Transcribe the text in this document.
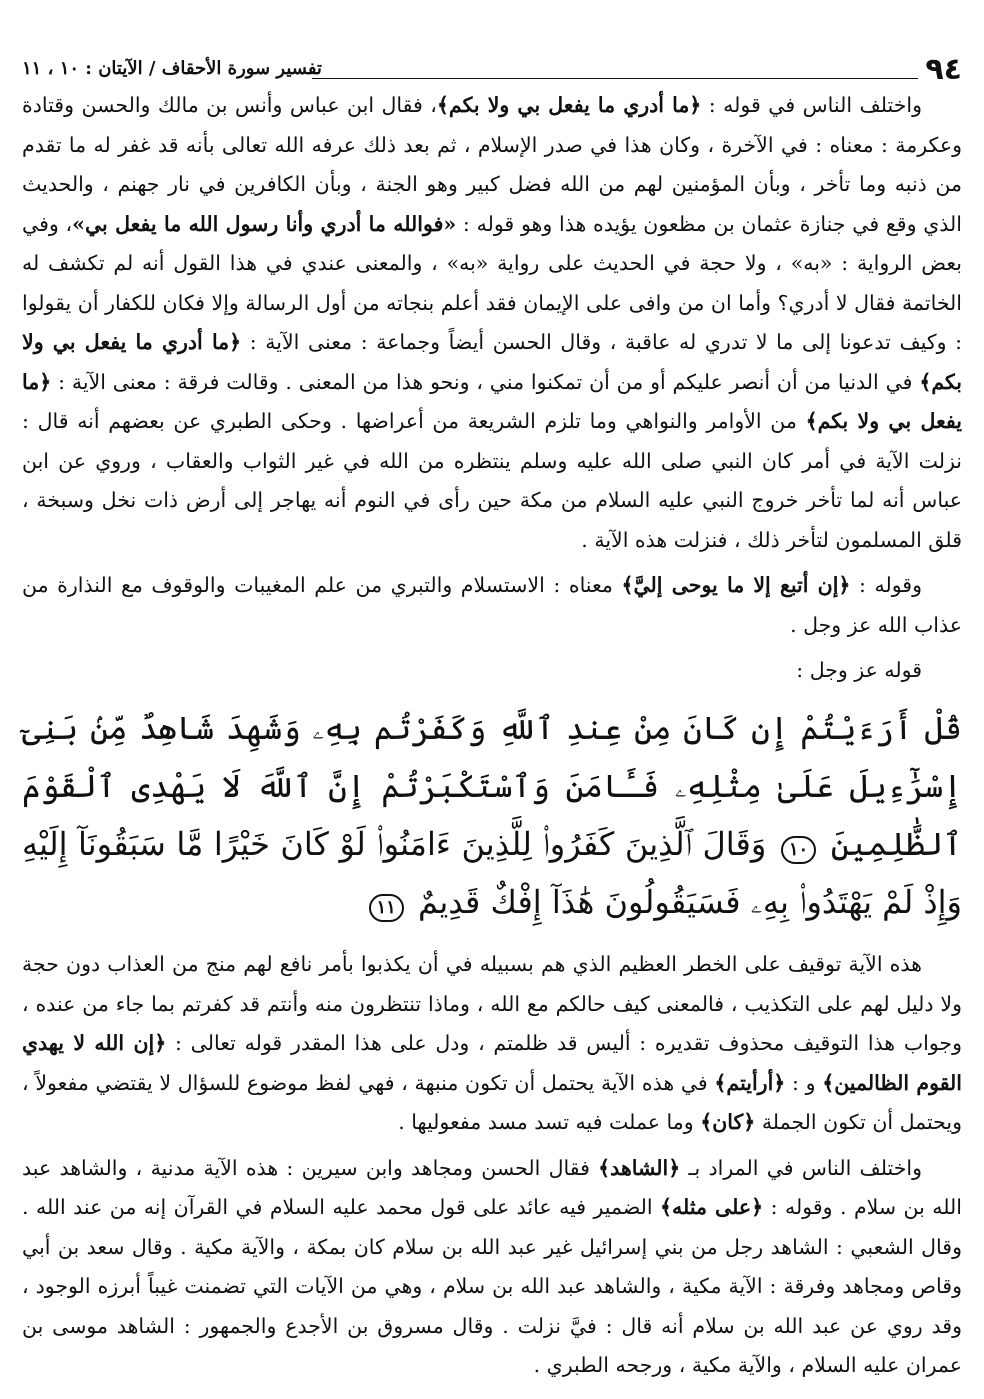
٩٤
تفسير سورة الأحقاف / الآيتان : ١٠ ، ١١

واختلف الناس في قوله : ﴿ما أدري ما يفعل بي ولا بكم﴾، فقال ابن عباس وأنس بن مالك والحسن وقتادة وعكرمة : معناه : في الآخرة ، وكان هذا في صدر الإسلام ، ثم بعد ذلك عرفه الله تعالى بأنه قد غفر له ما تقدم من ذنبه وما تأخر ، وبأن المؤمنين لهم من الله فضل كبير وهو الجنة ، وبأن الكافرين في نار جهنم ، والحديث الذي وقع في جنازة عثمان بن مظعون يؤيده هذا وهو قوله : «فوالله ما أدري وأنا رسول الله ما يفعل بي»، وفي بعض الرواية : «به» ، ولا حجة في الحديث على رواية «به» ، والمعنى عندي في هذا القول أنه لم تكشف له الخاتمة فقال لا أدري؟ وأما ان من وافى على الإيمان فقد أعلم بنجاته من أول الرسالة وإلا فكان للكفار أن يقولوا : وكيف تدعونا إلى ما لا تدري له عاقبة ، وقال الحسن أيضاً وجماعة : معنى الآية : ﴿ما أدري ما يفعل بي ولا بكم﴾ في الدنيا من أن أنصر عليكم أو من أن تمكنوا مني ، ونحو هذا من المعنى . وقالت فرقة : معنى الآية : ﴿ما يفعل بي ولا بكم﴾ من الأوامر والنواهي وما تلزم الشريعة من أعراضها . وحكى الطبري عن بعضهم أنه قال : نزلت الآية في أمر كان النبي صلى الله عليه وسلم ينتظره من الله في غير الثواب والعقاب ، وروي عن ابن عباس أنه لما تأخر خروج النبي عليه السلام من مكة حين رأى في النوم أنه يهاجر إلى أرض ذات نخل وسبخة ، قلق المسلمون لتأخر ذلك ، فنزلت هذه الآية .

وقوله : ﴿إن أتبع إلا ما يوحى إليَّ﴾ معناه : الاستسلام والتبري من علم المغيبات والوقوف مع النذارة من عذاب الله عز وجل .

قوله عز وجل :
قُلْ أَرَءَيْتُمْ إِن كَانَ مِنْ عِندِ ٱللَّهِ وَكَفَرْتُم بِهِۦ وَشَهِدَ شَاهِدٌ مِّنۢ بَنِىٓ إِسْرَٰٓءِيلَ عَلَىٰ مِثْلِهِۦ فَـَٔامَنَ وَٱسْتَكْبَرْتُمْ إِنَّ ٱللَّهَ لَا يَهْدِى ٱلْقَوْمَ ٱلظَّٰلِمِينَ ١٠ وَقَالَ ٱلَّذِينَ كَفَرُوا۟ لِلَّذِينَ ءَامَنُوا۟ لَوْ كَانَ خَيْرًا مَّا سَبَقُونَآ إِلَيْهِ وَإِذْ لَمْ يَهْتَدُوا۟ بِهِۦ فَسَيَقُولُونَ هَٰذَآ إِفْكٌ قَدِيمٌ ١١

هذه الآية توقيف على الخطر العظيم الذي هم بسبيله في أن يكذبوا بأمر نافع لهم منج من العذاب دون حجة ولا دليل لهم على التكذيب ، فالمعنى كيف حالكم مع الله ، وماذا تنتظرون منه وأنتم قد كفرتم بما جاء من عنده ، وجواب هذا التوقيف محذوف تقديره : أليس قد ظلمتم ، ودل على هذا المقدر قوله تعالى : ﴿إن الله لا يهدي القوم الظالمين﴾ و : ﴿أرأيتم﴾ في هذه الآية يحتمل أن تكون منبهة ، فهي لفظ موضوع للسؤال لا يقتضي مفعولاً ، ويحتمل أن تكون الجملة ﴿كان﴾ وما عملت فيه تسد مسد مفعوليها .

واختلف الناس في المراد بـ ﴿الشاهد﴾ فقال الحسن ومجاهد وابن سيرين : هذه الآية مدنية ، والشاهد عبد الله بن سلام . وقوله : ﴿على مثله﴾ الضمير فيه عائد على قول محمد عليه السلام في القرآن إنه من عند الله . وقال الشعبي : الشاهد رجل من بني إسرائيل غير عبد الله بن سلام كان بمكة ، والآية مكية . وقال سعد بن أبي وقاص ومجاهد وفرقة : الآية مكية ، والشاهد عبد الله بن سلام ، وهي من الآيات التي تضمنت غيباً أبرزه الوجود ، وقد روي عن عبد الله بن سلام أنه قال : فيَّ نزلت . وقال مسروق بن الأجدع والجمهور : الشاهد موسى بن عمران عليه السلام ، والآية مكية ، ورجحه الطبري .
